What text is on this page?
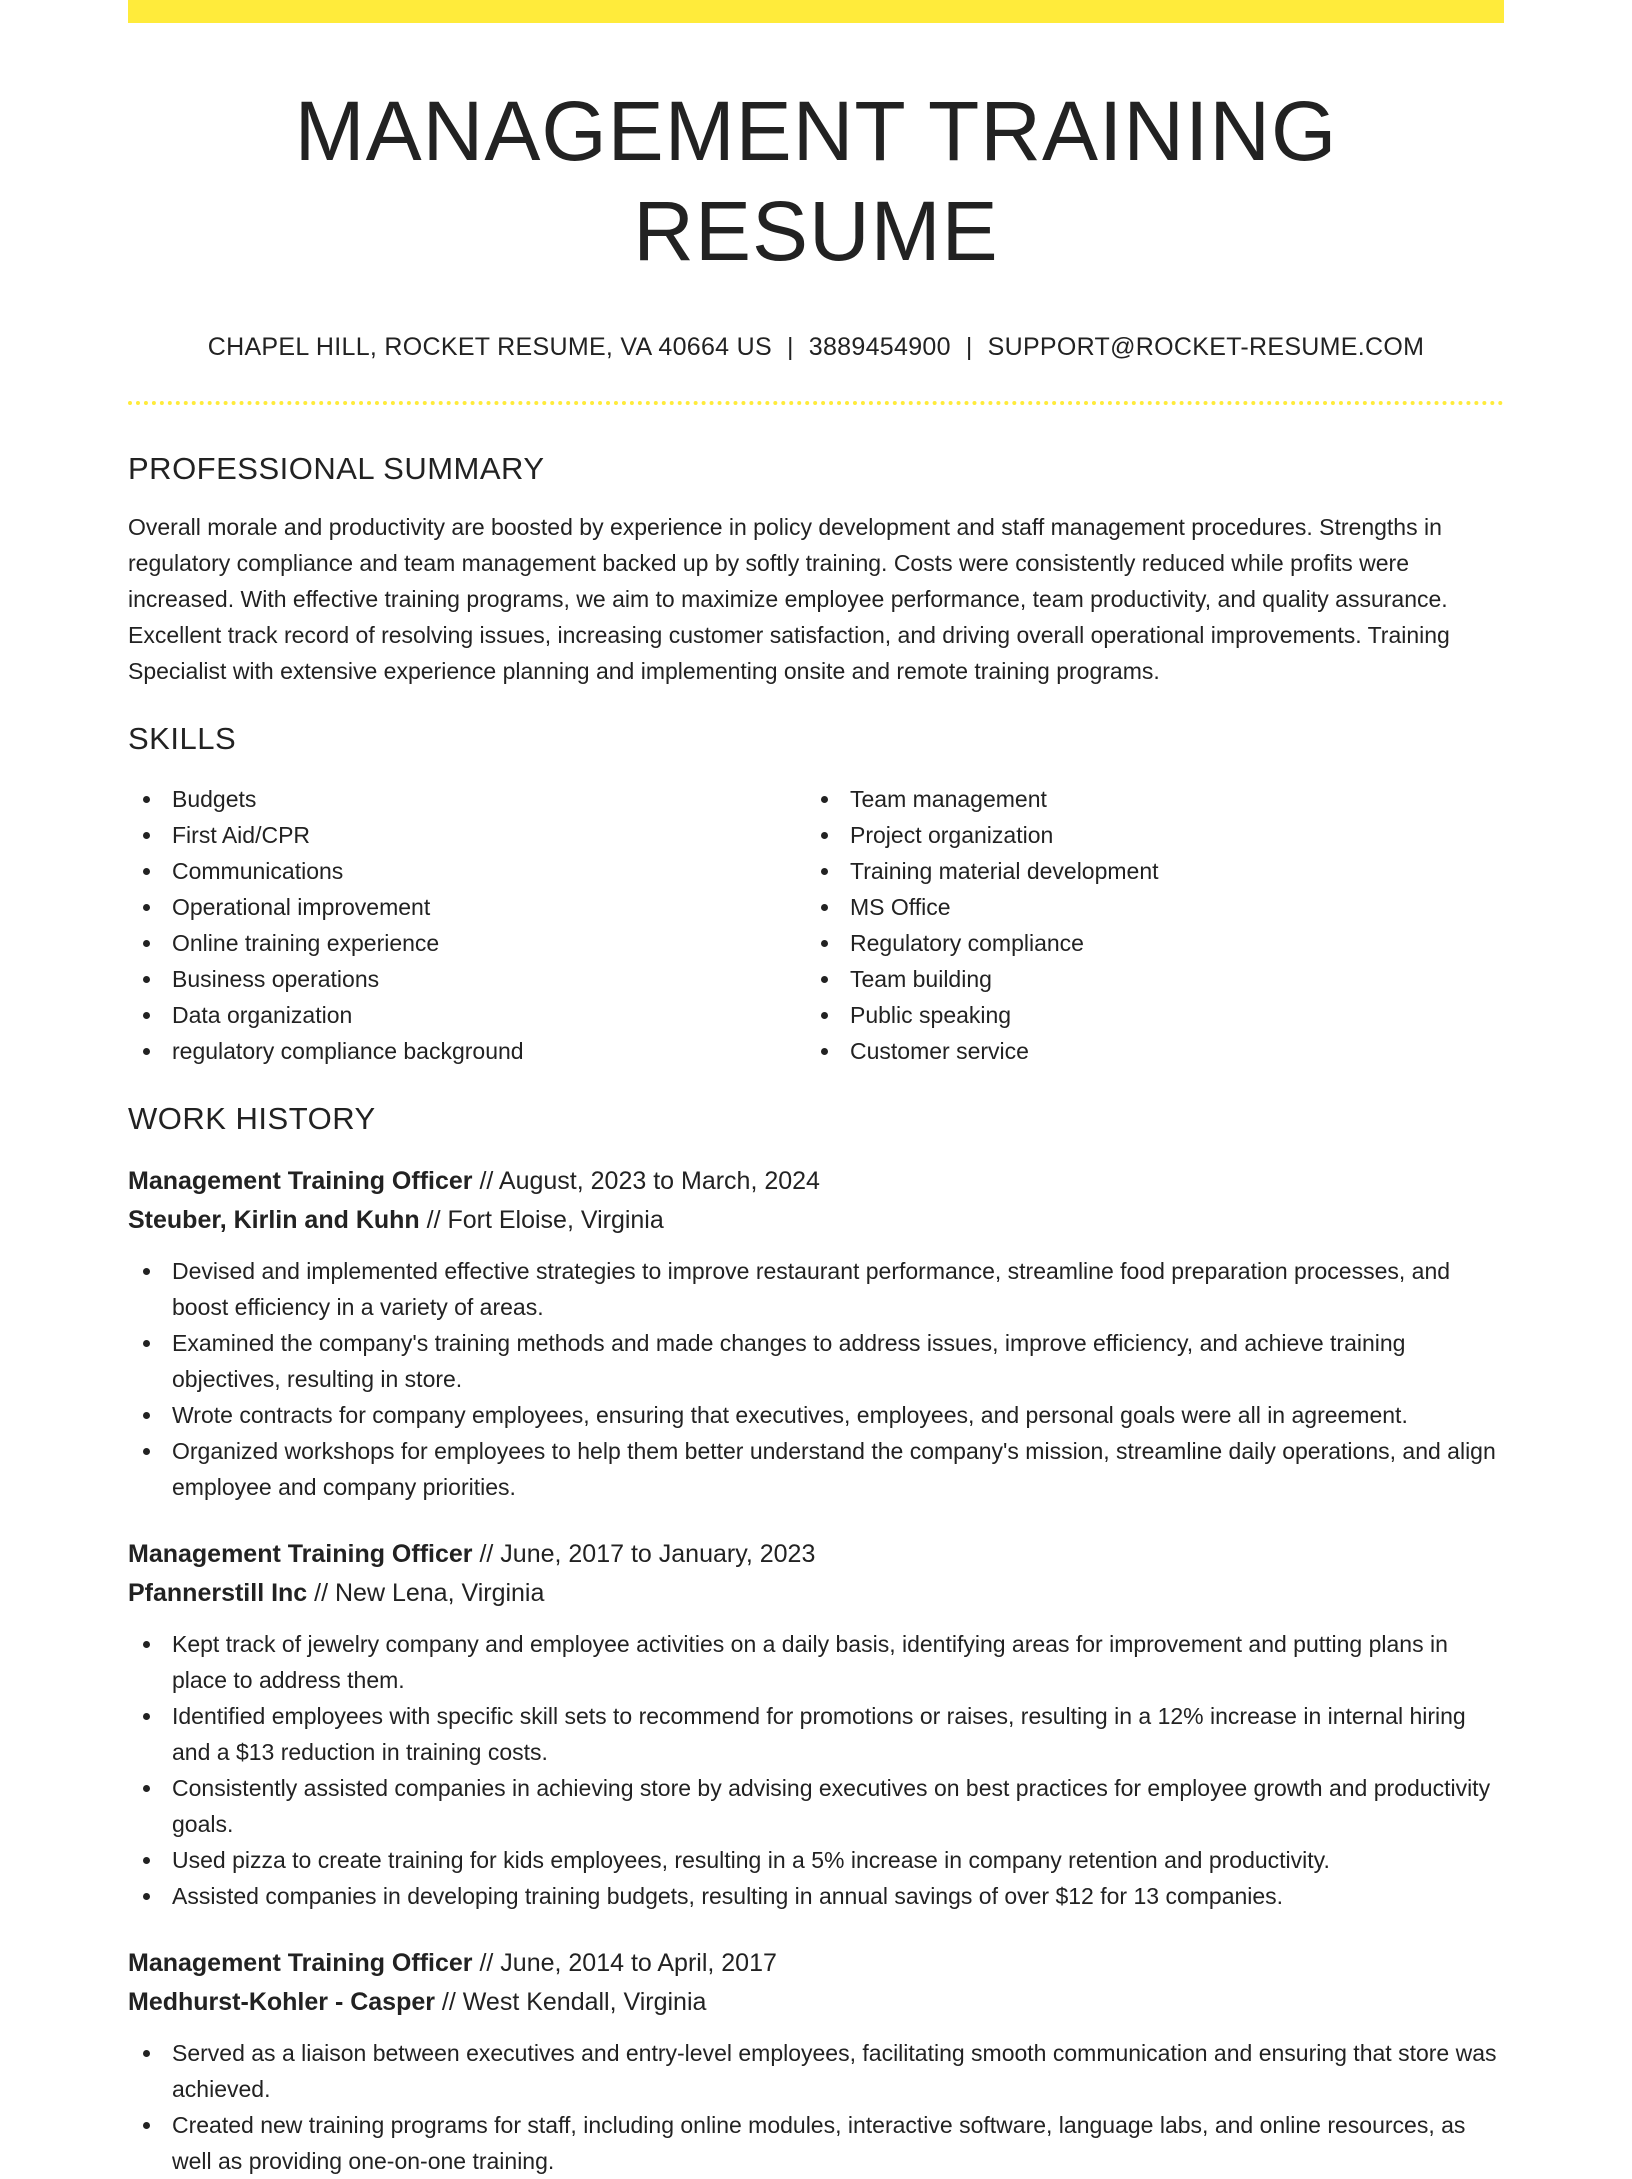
MANAGEMENT TRAINING RESUME
CHAPEL HILL, ROCKET RESUME, VA 40664 US | 3889454900 | SUPPORT@ROCKET-RESUME.COM
PROFESSIONAL SUMMARY

Overall morale and productivity are boosted by experience in policy development and staff management procedures. Strengths in regulatory compliance and team management backed up by softly training. Costs were consistently reduced while profits were increased. With effective training programs, we aim to maximize employee performance, team productivity, and quality assurance. Excellent track record of resolving issues, increasing customer satisfaction, and driving overall operational improvements. Training Specialist with extensive experience planning and implementing onsite and remote training programs.

SKILLS
Budgets
First Aid/CPR
Communications
Operational improvement
Online training experience
Business operations
Data organization
regulatory compliance background
Team management
Project organization
Training material development
MS Office
Regulatory compliance
Team building
Public speaking
Customer service
WORK HISTORY
Management Training Officer // August, 2023 to March, 2024
Steuber, Kirlin and Kuhn // Fort Eloise, Virginia
Devised and implemented effective strategies to improve restaurant performance, streamline food preparation processes, and boost efficiency in a variety of areas.
Examined the company's training methods and made changes to address issues, improve efficiency, and achieve training objectives, resulting in store.
Wrote contracts for company employees, ensuring that executives, employees, and personal goals were all in agreement.
Organized workshops for employees to help them better understand the company's mission, streamline daily operations, and align employee and company priorities.
Management Training Officer // June, 2017 to January, 2023
Pfannerstill Inc // New Lena, Virginia
Kept track of jewelry company and employee activities on a daily basis, identifying areas for improvement and putting plans in place to address them.
Identified employees with specific skill sets to recommend for promotions or raises, resulting in a 12% increase in internal hiring and a $13 reduction in training costs.
Consistently assisted companies in achieving store by advising executives on best practices for employee growth and productivity goals.
Used pizza to create training for kids employees, resulting in a 5% increase in company retention and productivity.
Assisted companies in developing training budgets, resulting in annual savings of over $12 for 13 companies.
Management Training Officer // June, 2014 to April, 2017
Medhurst-Kohler - Casper // West Kendall, Virginia
Served as a liaison between executives and entry-level employees, facilitating smooth communication and ensuring that store was achieved.
Created new training programs for staff, including online modules, interactive software, language labs, and online resources, as well as providing one-on-one training.
